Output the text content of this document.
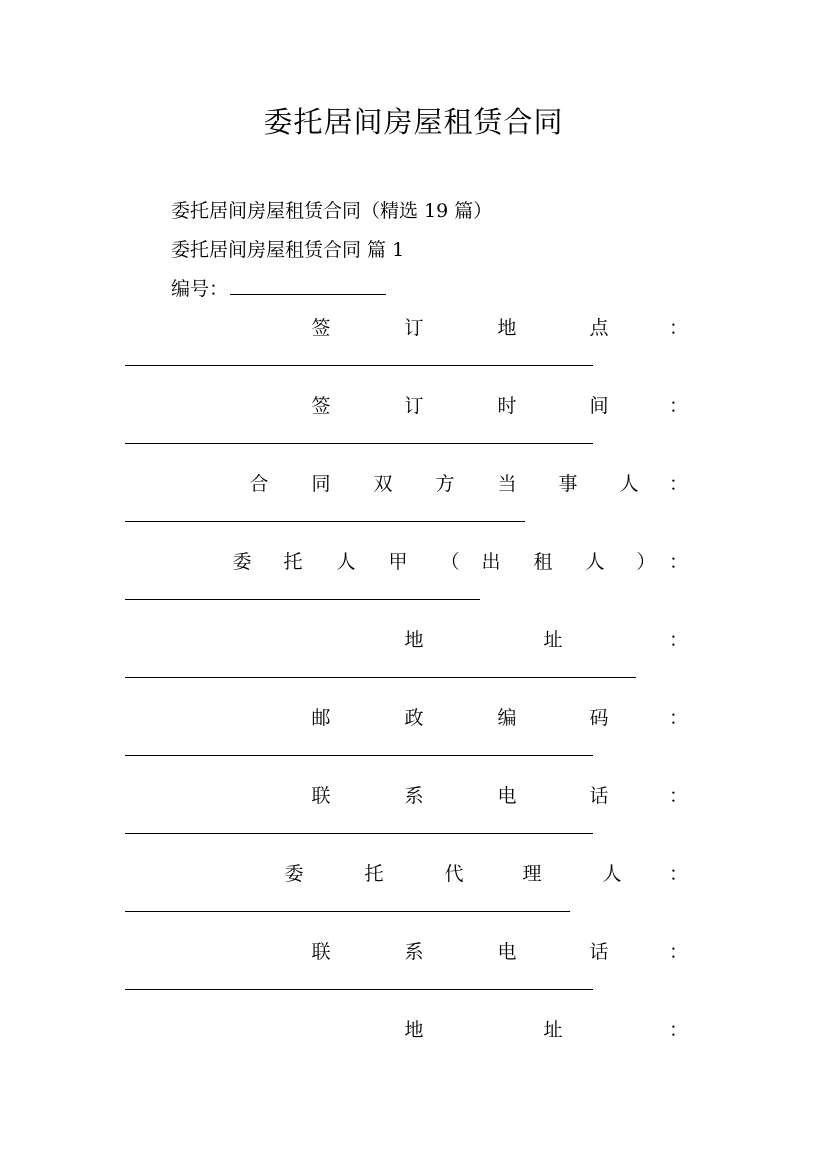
委托居间房屋租赁合同
委托居间房屋租赁合同（精选 19 篇）
委托居间房屋租赁合同 篇 1
编号：
签	订	地	点	：
签	订	时	间	：
合 同 双 方 当 事 人 ：
委 托 人 甲 （ 出 租 人 ） ：
地	址	：
邮	政	编	码	：
联	系	电	话	：
委	托	代	理	人 ：
联	系	电	话	：
地	址	：
